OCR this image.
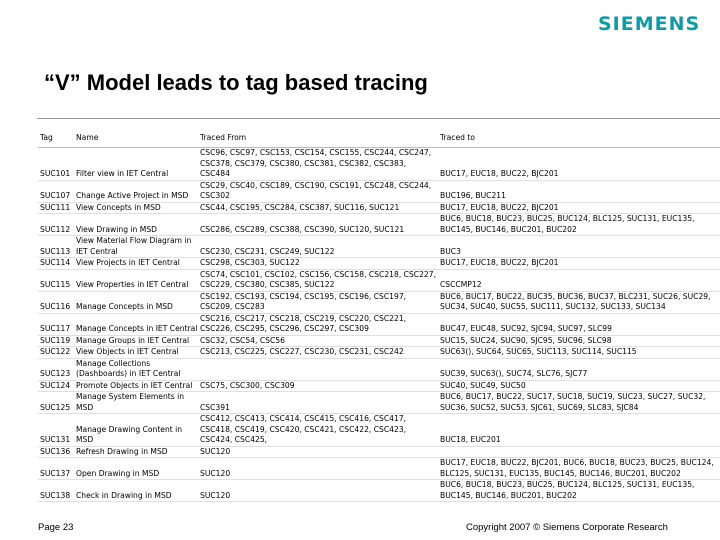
SIEMENS
“V” Model leads to tag based tracing
Tag	Name	Traced From	Traced to
SUC101	Filter view in IET Central	CSC96, CSC97, CSC153, CSC154, CSC155, CSC244, CSC247, CSC378, CSC379, CSC380, CSC381, CSC382, CSC383, CSC484	BUC17, EUC18, BUC22, BJC201
SUC107	Change Active Project in MSD	CSC29, CSC40, CSC189, CSC190, CSC191, CSC248, CSC244, CSC302	BUC196, BUC211
SUC111	View Concepts in MSD	CSC44, CSC195, CSC284, CSC387, SUC116, SUC121	BUC17, EUC18, BUC22, BJC201
SUC112	View Drawing in MSD	CSC286, CSC289, CSC388, CSC390, SUC120, SUC121	BUC6, BUC18, BUC23, BUC25, BUC124, BLC125, SUC131, EUC135, BUC145, BUC146, BUC201, BUC202
SUC113	View Material Flow Diagram in IET Central	CSC230, CSC231, CSC249, SUC122	BUC3
SUC114	View Projects in IET Central	CSC298, CSC303, SUC122	BUC17, EUC18, BUC22, BJC201
SUC115	View Properties in IET Central	CSC74, CSC101, CSC102, CSC156, CSC158, CSC218, CSC227, CSC229, CSC380, CSC385, SUC122	CSCCMP12
SUC116	Manage Concepts in MSD	CSC192, CSC193, CSC194, CSC195, CSC196, CSC197, CSC209, CSC283	BUC6, BUC17, BUC22, BUC35, BUC36, BUC37, BLC231, SUC26, SUC29, SUC34, SUC40, SUC55, SUC111, SUC132, SUC133, SUC134
SUC117	Manage Concepts in IET Central	CSC216, CSC217, CSC218, CSC219, CSC220, CSC221, CSC226, CSC295, CSC296, CSC297, CSC309	BUC47, EUC48, SUC92, SJC94, SUC97, SLC99
SUC119	Manage Groups in IET Central	CSC32, CSC54, CSC56	SUC15, SUC24, SUC90, SJC95, SUC96, SLC98
SUC122	View Objects in IET Central	CSC213, CSC225, CSC227, CSC230, CSC231, CSC242	SUC63(), SUC64, SUC65, SUC113, SUC114, SUC115
SUC123	Manage Collections (Dashboards) in IET Central		SUC39, SUC63(), SUC74, SLC76, SJC77
SUC124	Promote Objects in IET Central	CSC75, CSC300, CSC309	SUC40, SUC49, SUC50
SUC125	Manage System Elements in MSD	CSC391	BUC6, BUC17, BUC22, SUC17, SUC18, SUC19, SUC23, SUC27, SUC32, SUC36, SUC52, SUC53, SJC61, SUC69, SLC83, SJC84
SUC131	Manage Drawing Content in MSD	CSC412, CSC413, CSC414, CSC415, CSC416, CSC417, CSC418, CSC419, CSC420, CSC421, CSC422, CSC423, CSC424, CSC425,	BUC18, EUC201
SUC136	Refresh Drawing in MSD	SUC120	
SUC137	Open Drawing in MSD	SUC120	BUC17, EUC18, BUC22, BJC201, BUC6, BUC18, BUC23, BUC25, BUC124, BLC125, SUC131, EUC135, BUC145, BUC146, BUC201, BUC202
SUC138	Check in Drawing in MSD	SUC120	BUC6, BUC18, BUC23, BUC25, BUC124, BLC125, SUC131, EUC135, BUC145, BUC146, BUC201, BUC202
Page 23	Copyright 2007 © Siemens Corporate Research
